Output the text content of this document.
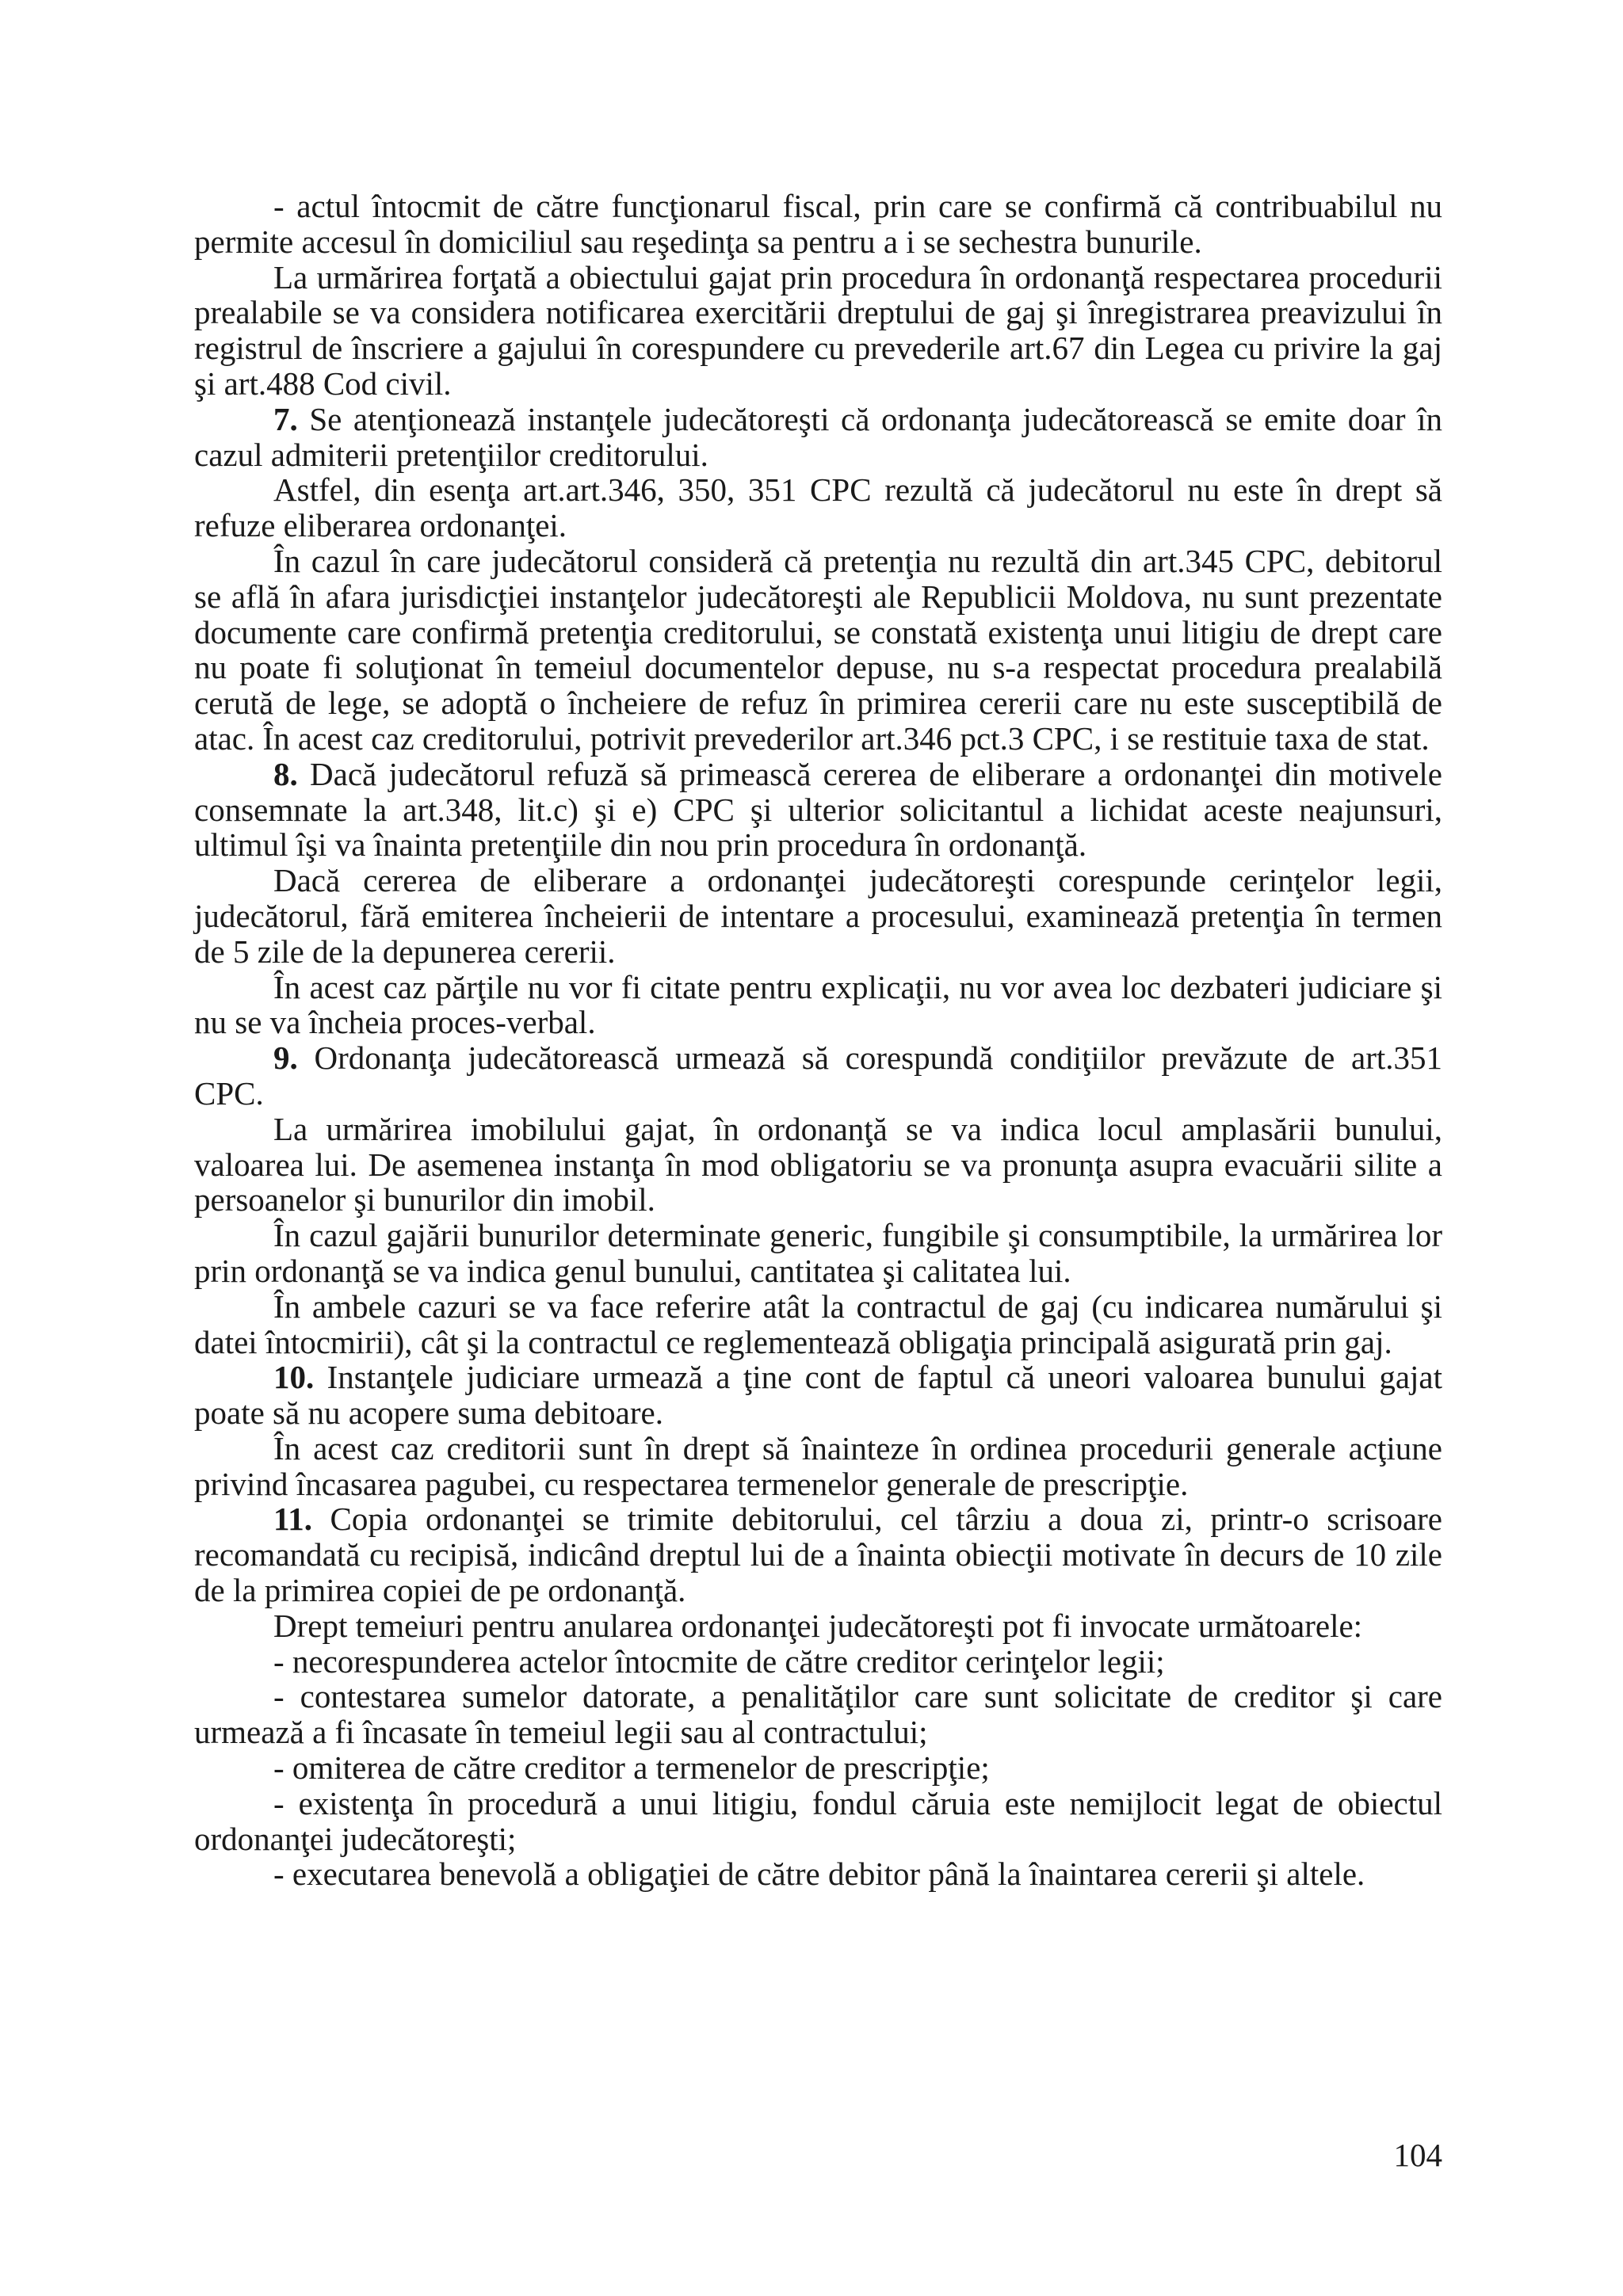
- actul întocmit de către funcţionarul fiscal, prin care se confirmă că contribuabilul nu permite accesul în domiciliul sau reşedinţa sa pentru a i se sechestra bunurile.

La urmărirea forţată a obiectului gajat prin procedura în ordonanţă respectarea procedurii prealabile se va considera notificarea exercitării dreptului de gaj şi înregistrarea preavizului în registrul de înscriere a gajului în corespundere cu prevederile art.67 din Legea cu privire la gaj şi art.488 Cod civil.

7. Se atenţionează instanţele judecătoreşti că ordonanţa judecătorească se emite doar în cazul admiterii pretenţiilor creditorului.

Astfel, din esenţa art.art.346, 350, 351 CPC rezultă că judecătorul nu este în drept să refuze eliberarea ordonanţei.

În cazul în care judecătorul consideră că pretenţia nu rezultă din art.345 CPC, debitorul se află în afara jurisdicţiei instanţelor judecătoreşti ale Republicii Moldova, nu sunt prezentate documente care confirmă pretenţia creditorului, se constată existenţa unui litigiu de drept care nu poate fi soluţionat în temeiul documentelor depuse, nu s-a respectat procedura prealabilă cerută de lege, se adoptă o încheiere de refuz în primirea cererii care nu este susceptibilă de atac. În acest caz creditorului, potrivit prevederilor art.346 pct.3 CPC, i se restituie taxa de stat.

8. Dacă judecătorul refuză să primească cererea de eliberare a ordonanţei din motivele consemnate la art.348, lit.c) şi e) CPC şi ulterior solicitantul a lichidat aceste neajunsuri, ultimul îşi va înainta pretenţiile din nou prin procedura în ordonanţă.

Dacă cererea de eliberare a ordonanţei judecătoreşti corespunde cerinţelor legii, judecătorul, fără emiterea încheierii de intentare a procesului, examinează pretenţia în termen de 5 zile de la depunerea cererii.

În acest caz părţile nu vor fi citate pentru explicaţii, nu vor avea loc dezbateri judiciare şi nu se va încheia proces-verbal.

9. Ordonanţa judecătorească urmează să corespundă condiţiilor prevăzute de art.351 CPC.

La urmărirea imobilului gajat, în ordonanţă se va indica locul amplasării bunului, valoarea lui. De asemenea instanţa în mod obligatoriu se va pronunţa asupra evacuării silite a persoanelor şi bunurilor din imobil.

În cazul gajării bunurilor determinate generic, fungibile şi consumptibile, la urmărirea lor prin ordonanţă se va indica genul bunului, cantitatea şi calitatea lui.

În ambele cazuri se va face referire atât la contractul de gaj (cu indicarea numărului şi datei întocmirii), cât şi la contractul ce reglementează obligaţia principală asigurată prin gaj.

10. Instanţele judiciare urmează a ţine cont de faptul că uneori valoarea bunului gajat poate să nu acopere suma debitoare.

În acest caz creditorii sunt în drept să înainteze în ordinea procedurii generale acţiune privind încasarea pagubei, cu respectarea termenelor generale de prescripţie.

11. Copia ordonanţei se trimite debitorului, cel târziu a doua zi, printr-o scrisoare recomandată cu recipisă, indicând dreptul lui de a înainta obiecţii motivate în decurs de 10 zile de la primirea copiei de pe ordonanţă.

Drept temeiuri pentru anularea ordonanţei judecătoreşti pot fi invocate următoarele:

- necorespunderea actelor întocmite de către creditor cerinţelor legii;

- contestarea sumelor datorate, a penalităţilor care sunt solicitate de creditor şi care urmează a fi încasate în temeiul legii sau al contractului;

- omiterea de către creditor a termenelor de prescripţie;

- existenţa în procedură a unui litigiu, fondul căruia este nemijlocit legat de obiectul ordonanţei judecătoreşti;

- executarea benevolă a obligaţiei de către debitor până la înaintarea cererii şi altele.

104
